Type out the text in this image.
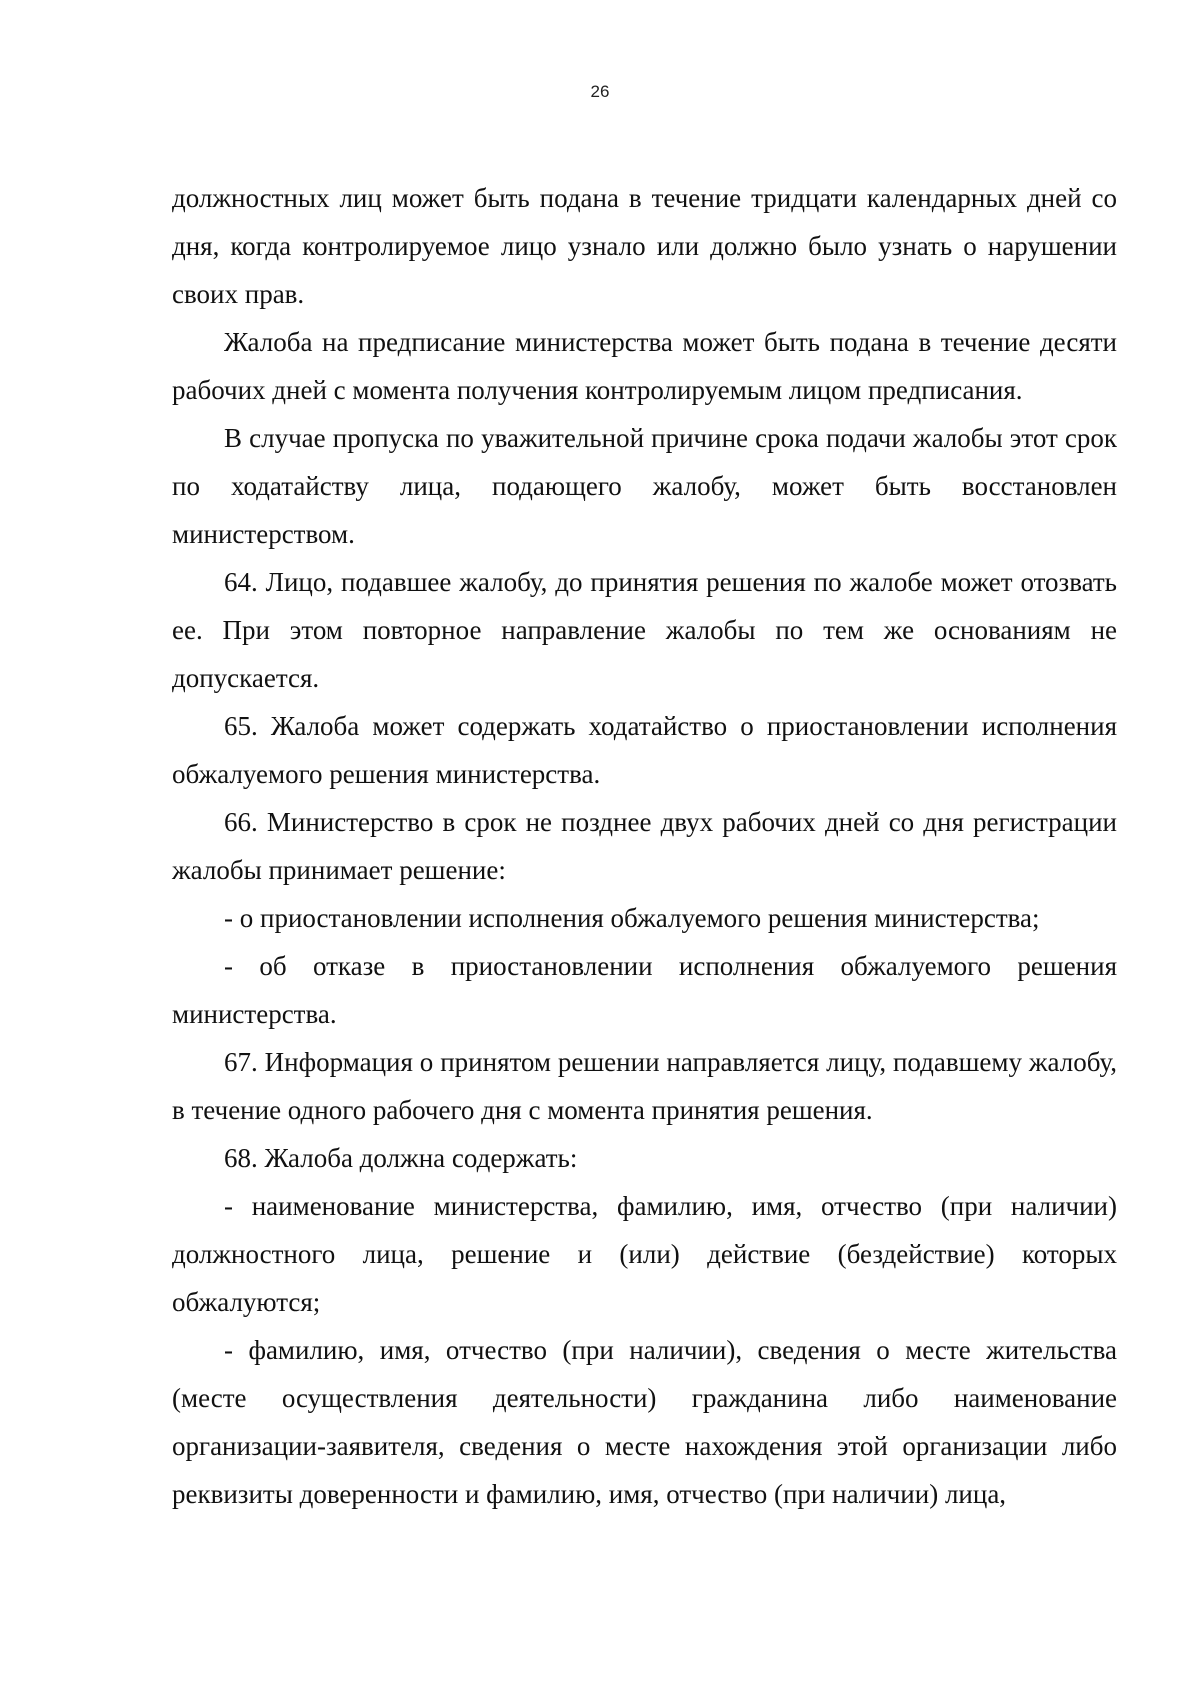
26

должностных лиц может быть подана в течение тридцати календарных дней со дня, когда контролируемое лицо узнало или должно было узнать о нарушении своих прав.

Жалоба на предписание министерства может быть подана в течение десяти рабочих дней с момента получения контролируемым лицом предписания.

В случае пропуска по уважительной причине срока подачи жалобы этот срок по ходатайству лица, подающего жалобу, может быть восстановлен министерством.

64. Лицо, подавшее жалобу, до принятия решения по жалобе может отозвать ее. При этом повторное направление жалобы по тем же основаниям не допускается.

65. Жалоба может содержать ходатайство о приостановлении исполнения обжалуемого решения министерства.

66. Министерство в срок не позднее двух рабочих дней со дня регистрации жалобы принимает решение:

- о приостановлении исполнения обжалуемого решения министерства;

- об отказе в приостановлении исполнения обжалуемого решения министерства.

67. Информация о принятом решении направляется лицу, подавшему жалобу, в течение одного рабочего дня с момента принятия решения.

68. Жалоба должна содержать:

- наименование министерства, фамилию, имя, отчество (при наличии) должностного лица, решение и (или) действие (бездействие) которых обжалуются;

- фамилию, имя, отчество (при наличии), сведения о месте жительства (месте осуществления деятельности) гражданина либо наименование организации-заявителя, сведения о месте нахождения этой организации либо реквизиты доверенности и фамилию, имя, отчество (при наличии) лица,
